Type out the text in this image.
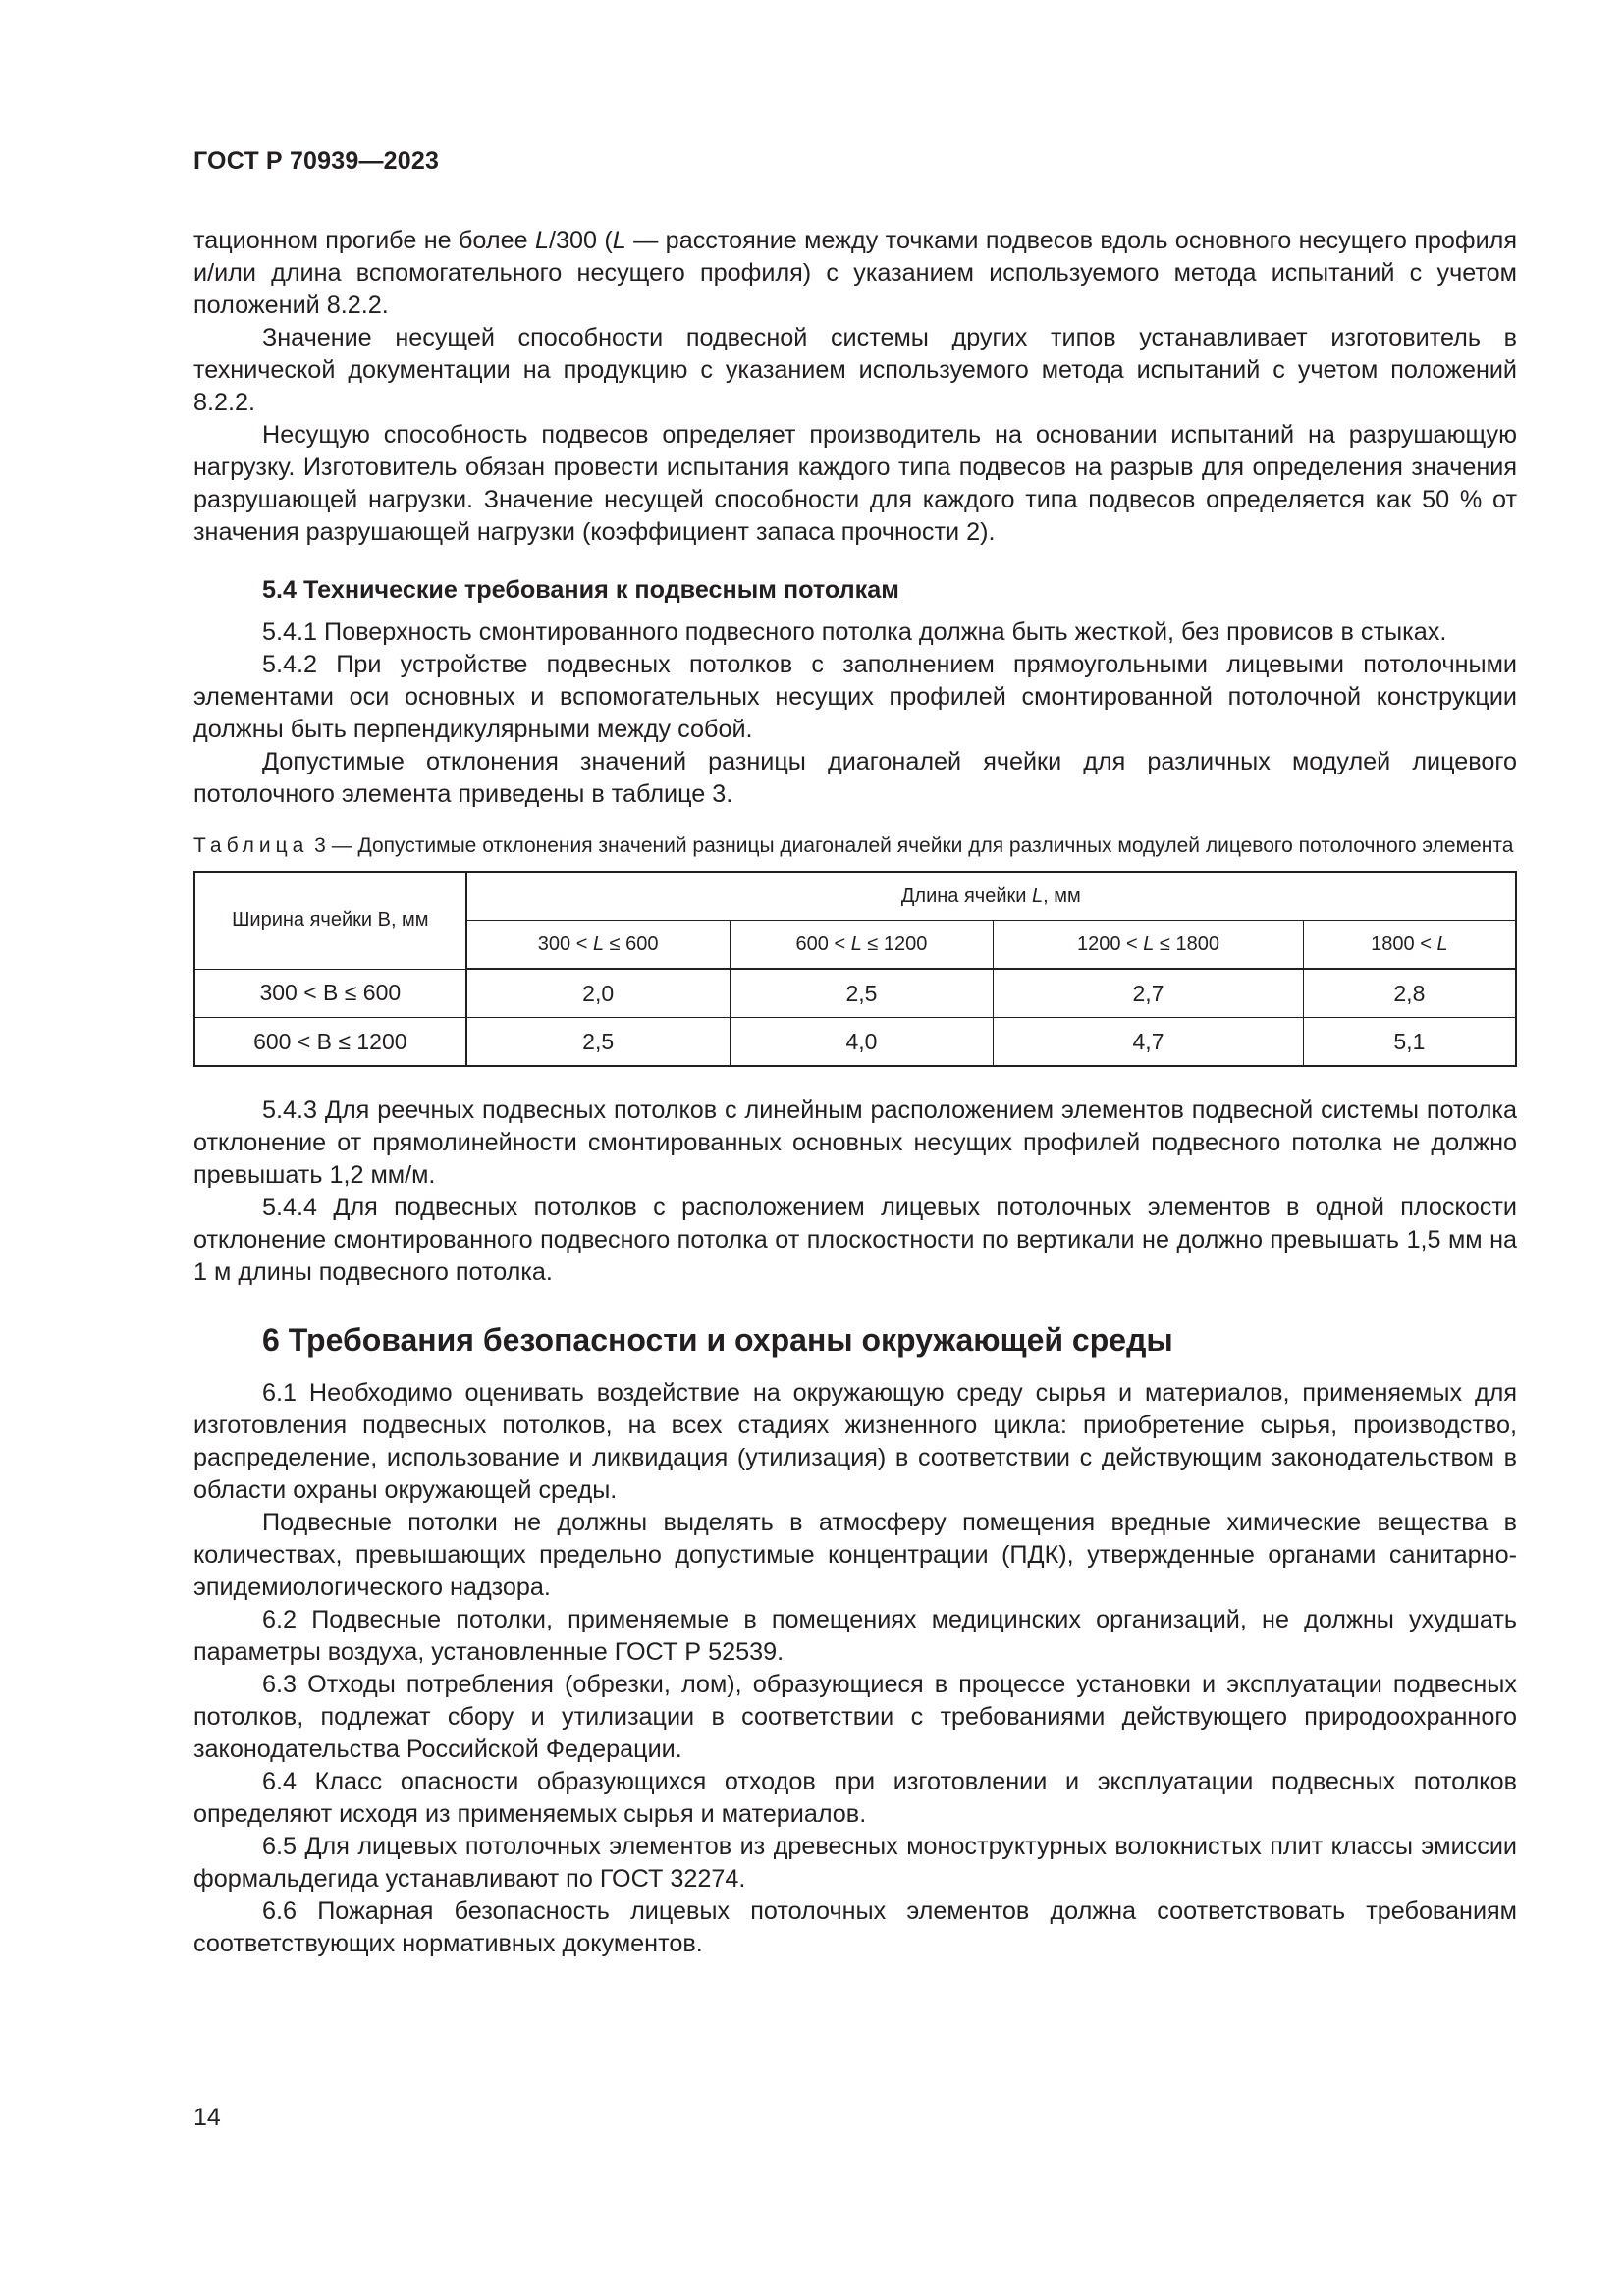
ГОСТ Р 70939—2023

тационном прогибе не более L/300 (L — расстояние между точками подвесов вдоль основного несущего профиля и/или длина вспомогательного несущего профиля) с указанием используемого метода испытаний с учетом положений 8.2.2.

Значение несущей способности подвесной системы других типов устанавливает изготовитель в технической документации на продукцию с указанием используемого метода испытаний с учетом положений 8.2.2.

Несущую способность подвесов определяет производитель на основании испытаний на разрушающую нагрузку. Изготовитель обязан провести испытания каждого типа подвесов на разрыв для определения значения разрушающей нагрузки. Значение несущей способности для каждого типа подвесов определяется как 50 % от значения разрушающей нагрузки (коэффициент запаса прочности 2).

5.4 Технические требования к подвесным потолкам

5.4.1 Поверхность смонтированного подвесного потолка должна быть жесткой, без провисов в стыках.

5.4.2 При устройстве подвесных потолков с заполнением прямоугольными лицевыми потолочными элементами оси основных и вспомогательных несущих профилей смонтированной потолочной конструкции должны быть перпендикулярными между собой.

Допустимые отклонения значений разницы диагоналей ячейки для различных модулей лицевого потолочного элемента приведены в таблице 3.

Таблица 3 — Допустимые отклонения значений разницы диагоналей ячейки для различных модулей лицевого потолочного элемента
Ширина ячейки В, мм	Длина ячейки L, мм			
	300 < L ≤ 600	600 < L ≤ 1200	1200 < L ≤ 1800	1800 < L
300 < B ≤ 600	2,0	2,5	2,7	2,8
600 < B ≤ 1200	2,5	4,0	4,7	5,1

5.4.3 Для реечных подвесных потолков с линейным расположением элементов подвесной системы потолка отклонение от прямолинейности смонтированных основных несущих профилей подвесного потолка не должно превышать 1,2 мм/м.

5.4.4 Для подвесных потолков с расположением лицевых потолочных элементов в одной плоскости отклонение смонтированного подвесного потолка от плоскостности по вертикали не должно превышать 1,5 мм на 1 м длины подвесного потолка.

6 Требования безопасности и охраны окружающей среды

6.1 Необходимо оценивать воздействие на окружающую среду сырья и материалов, применяемых для изготовления подвесных потолков, на всех стадиях жизненного цикла: приобретение сырья, производство, распределение, использование и ликвидация (утилизация) в соответствии с действующим законодательством в области охраны окружающей среды.

Подвесные потолки не должны выделять в атмосферу помещения вредные химические вещества в количествах, превышающих предельно допустимые концентрации (ПДК), утвержденные органами санитарно-эпидемиологического надзора.

6.2 Подвесные потолки, применяемые в помещениях медицинских организаций, не должны ухудшать параметры воздуха, установленные ГОСТ Р 52539.

6.3 Отходы потребления (обрезки, лом), образующиеся в процессе установки и эксплуатации подвесных потолков, подлежат сбору и утилизации в соответствии с требованиями действующего природоохранного законодательства Российской Федерации.

6.4 Класс опасности образующихся отходов при изготовлении и эксплуатации подвесных потолков определяют исходя из применяемых сырья и материалов.

6.5 Для лицевых потолочных элементов из древесных моноструктурных волокнистых плит классы эмиссии формальдегида устанавливают по ГОСТ 32274.

6.6 Пожарная безопасность лицевых потолочных элементов должна соответствовать требованиям соответствующих нормативных документов.

14
